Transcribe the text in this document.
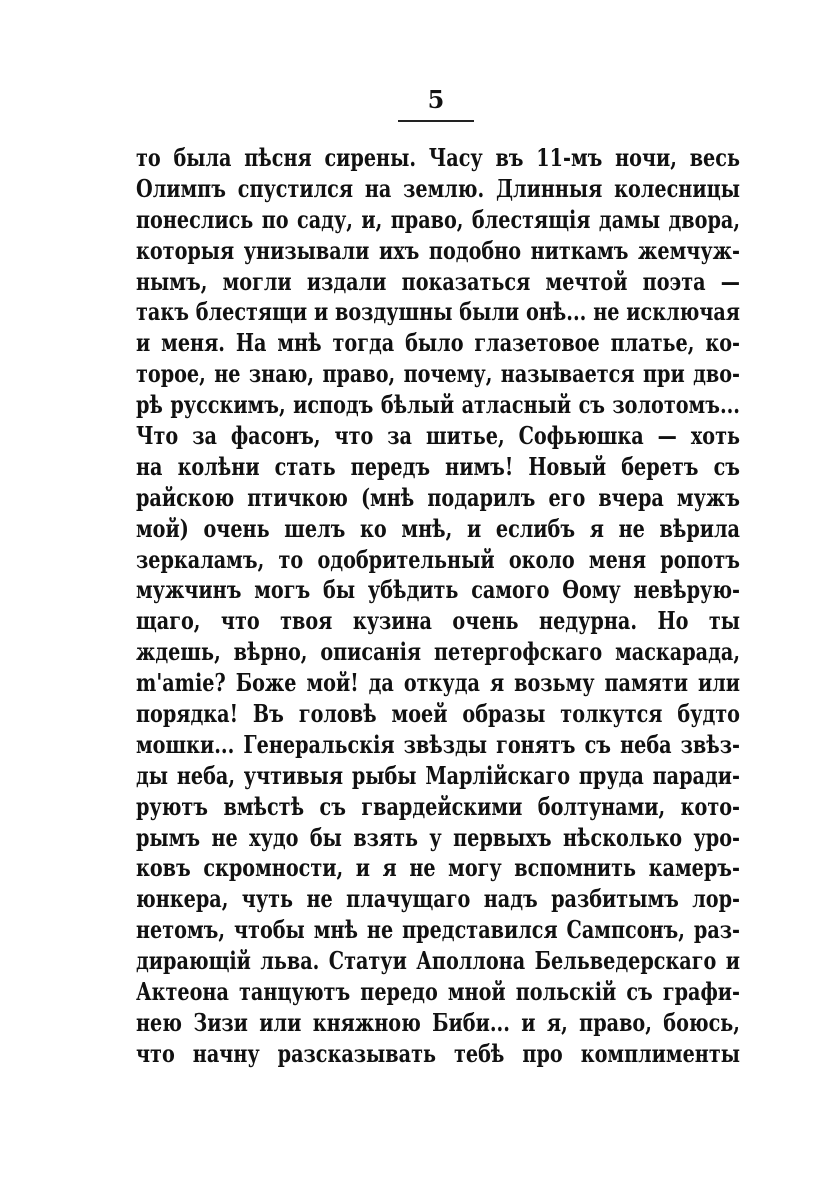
5
то была пѣсня сирены. Часу въ 11-мъ ночи, весь
Олимпъ спустился на землю. Длинныя колесницы
понеслись по саду, и, право, блестящія дамы двора,
которыя унизывали ихъ подобно ниткамъ жемчуж-
нымъ, могли издали показаться мечтой поэта —
такъ блестящи и воздушны были онѣ... не исключая
и меня. На мнѣ тогда было глазетовое платье, ко-
торое, не знаю, право, почему, называется при дво-
рѣ русскимъ, исподъ бѣлый атласный съ золотомъ...
Что за фасонъ, что за шитье, Софьюшка — хоть
на колѣни стать передъ нимъ! Новый беретъ съ
райскою птичкою (мнѣ подарилъ его вчера мужъ
мой) очень шелъ ко мнѣ, и еслибъ я не вѣрила
зеркаламъ, то одобрительный около меня ропотъ
мужчинъ могъ бы убѣдить самого Ѳому невѣрую-
щаго, что твоя кузина очень недурна. Но ты
ждешь, вѣрно, описанія петергофскаго маскарада,
m'amie? Боже мой! да откуда я возьму памяти или
порядка! Въ головѣ моей образы толкутся будто
мошки... Генеральскія звѣзды гонятъ съ неба звѣз-
ды неба, учтивыя рыбы Марлійскаго пруда паради-
руютъ вмѣстѣ съ гвардейскими болтунами, кото-
рымъ не худо бы взять у первыхъ нѣсколько уро-
ковъ скромности, и я не могу вспомнить камеръ-
юнкера, чуть не плачущаго надъ разбитымъ лор-
нетомъ, чтобы мнѣ не представился Сампсонъ, раз-
дирающій льва. Статуи Аполлона Бельведерскаго и
Актеона танцуютъ передо мной польскій съ графи-
нею Зизи или княжною Биби... и я, право, боюсь,
что начну разсказывать тебѣ про комплименты
